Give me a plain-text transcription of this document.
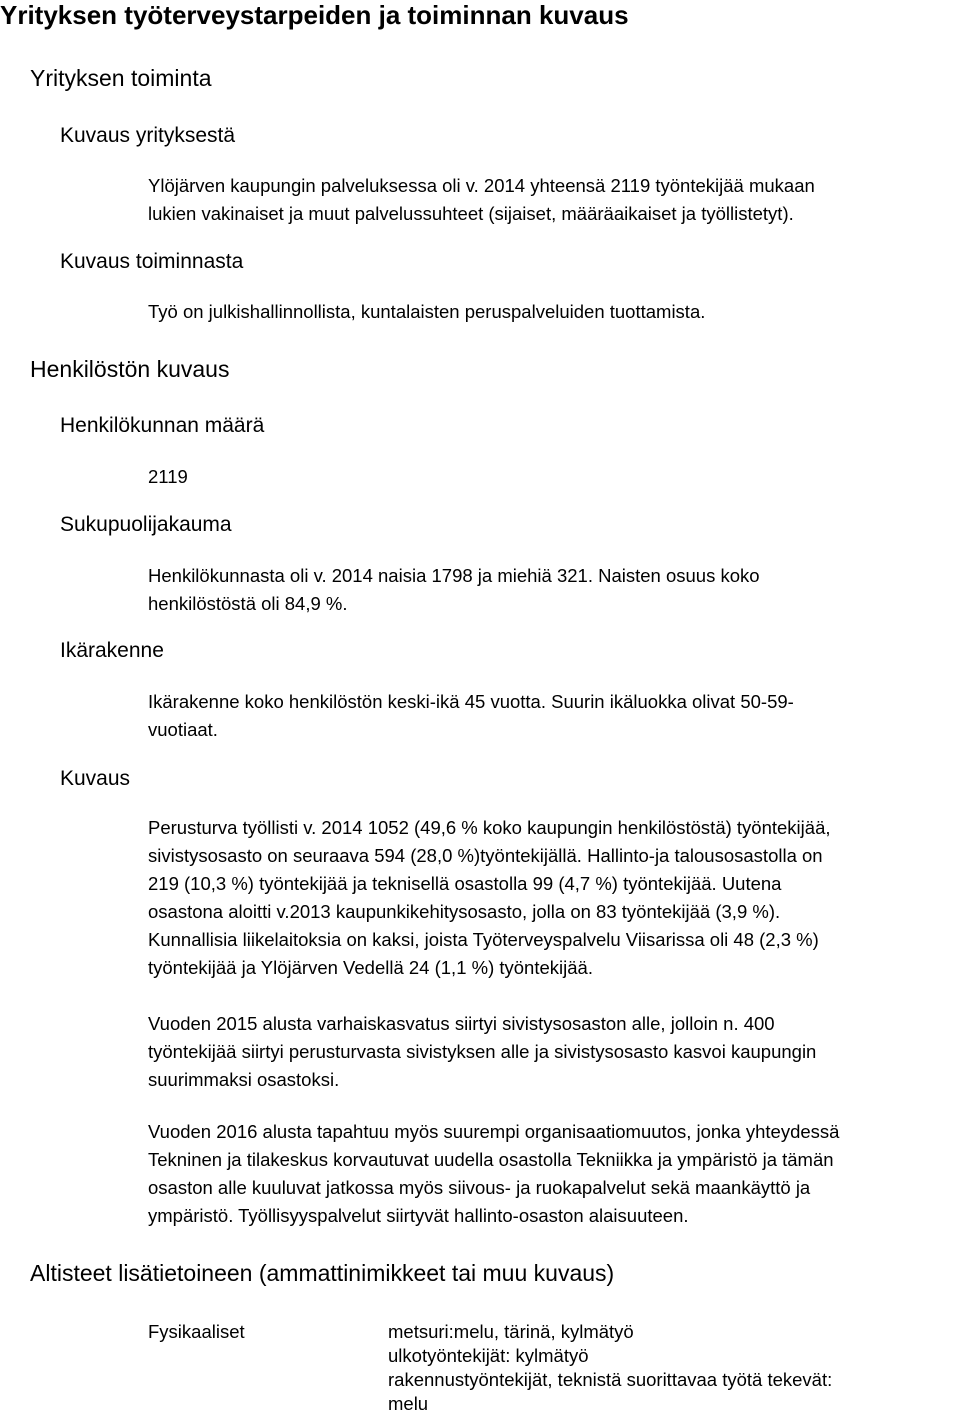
Yrityksen työterveystarpeiden ja toiminnan kuvaus
Yrityksen toiminta
Kuvaus yrityksestä
Ylöjärven kaupungin palveluksessa oli v. 2014 yhteensä 2119 työntekijää mukaan
lukien vakinaiset ja muut palvelussuhteet (sijaiset, määräaikaiset ja työllistetyt).
Kuvaus toiminnasta
Työ on julkishallinnollista, kuntalaisten peruspalveluiden tuottamista.
Henkilöstön kuvaus
Henkilökunnan määrä
2119
Sukupuolijakauma
Henkilökunnasta oli v. 2014 naisia 1798 ja miehiä 321. Naisten osuus koko
henkilöstöstä oli 84,9 %.
Ikärakenne
Ikärakenne koko henkilöstön keski-ikä 45 vuotta. Suurin ikäluokka olivat 50-59-
vuotiaat.
Kuvaus
Perusturva työllisti v. 2014 1052 (49,6 % koko kaupungin henkilöstöstä) työntekijää,
sivistysosasto on seuraava 594 (28,0 %)työntekijällä. Hallinto-ja talousosastolla on
219 (10,3 %) työntekijää ja teknisellä osastolla 99 (4,7 %) työntekijää. Uutena
osastona aloitti v.2013 kaupunkikehitysosasto, jolla on 83 työntekijää (3,9 %).
Kunnallisia liikelaitoksia on kaksi, joista Työterveyspalvelu Viisarissa oli 48 (2,3 %)
työntekijää ja Ylöjärven Vedellä 24 (1,1 %) työntekijää.
Vuoden 2015 alusta varhaiskasvatus siirtyi sivistysosaston alle, jolloin n. 400
työntekijää siirtyi perusturvasta sivistyksen alle ja sivistysosasto kasvoi kaupungin
suurimmaksi osastoksi.
Vuoden 2016 alusta tapahtuu myös suurempi organisaatiomuutos, jonka yhteydessä
Tekninen ja tilakeskus korvautuvat uudella osastolla Tekniikka ja ympäristö ja tämän
osaston alle kuuluvat jatkossa myös siivous- ja ruokapalvelut sekä maankäyttö ja
ympäristö. Työllisyyspalvelut siirtyvät hallinto-osaston alaisuuteen.
Altisteet lisätietoineen (ammattinimikkeet tai muu kuvaus)
Fysikaaliset	metsuri:melu, tärinä, kylmätyö
ulkotyöntekijät: kylmätyö
rakennustyöntekijät, teknistä suorittavaa työtä tekevät:
melu
